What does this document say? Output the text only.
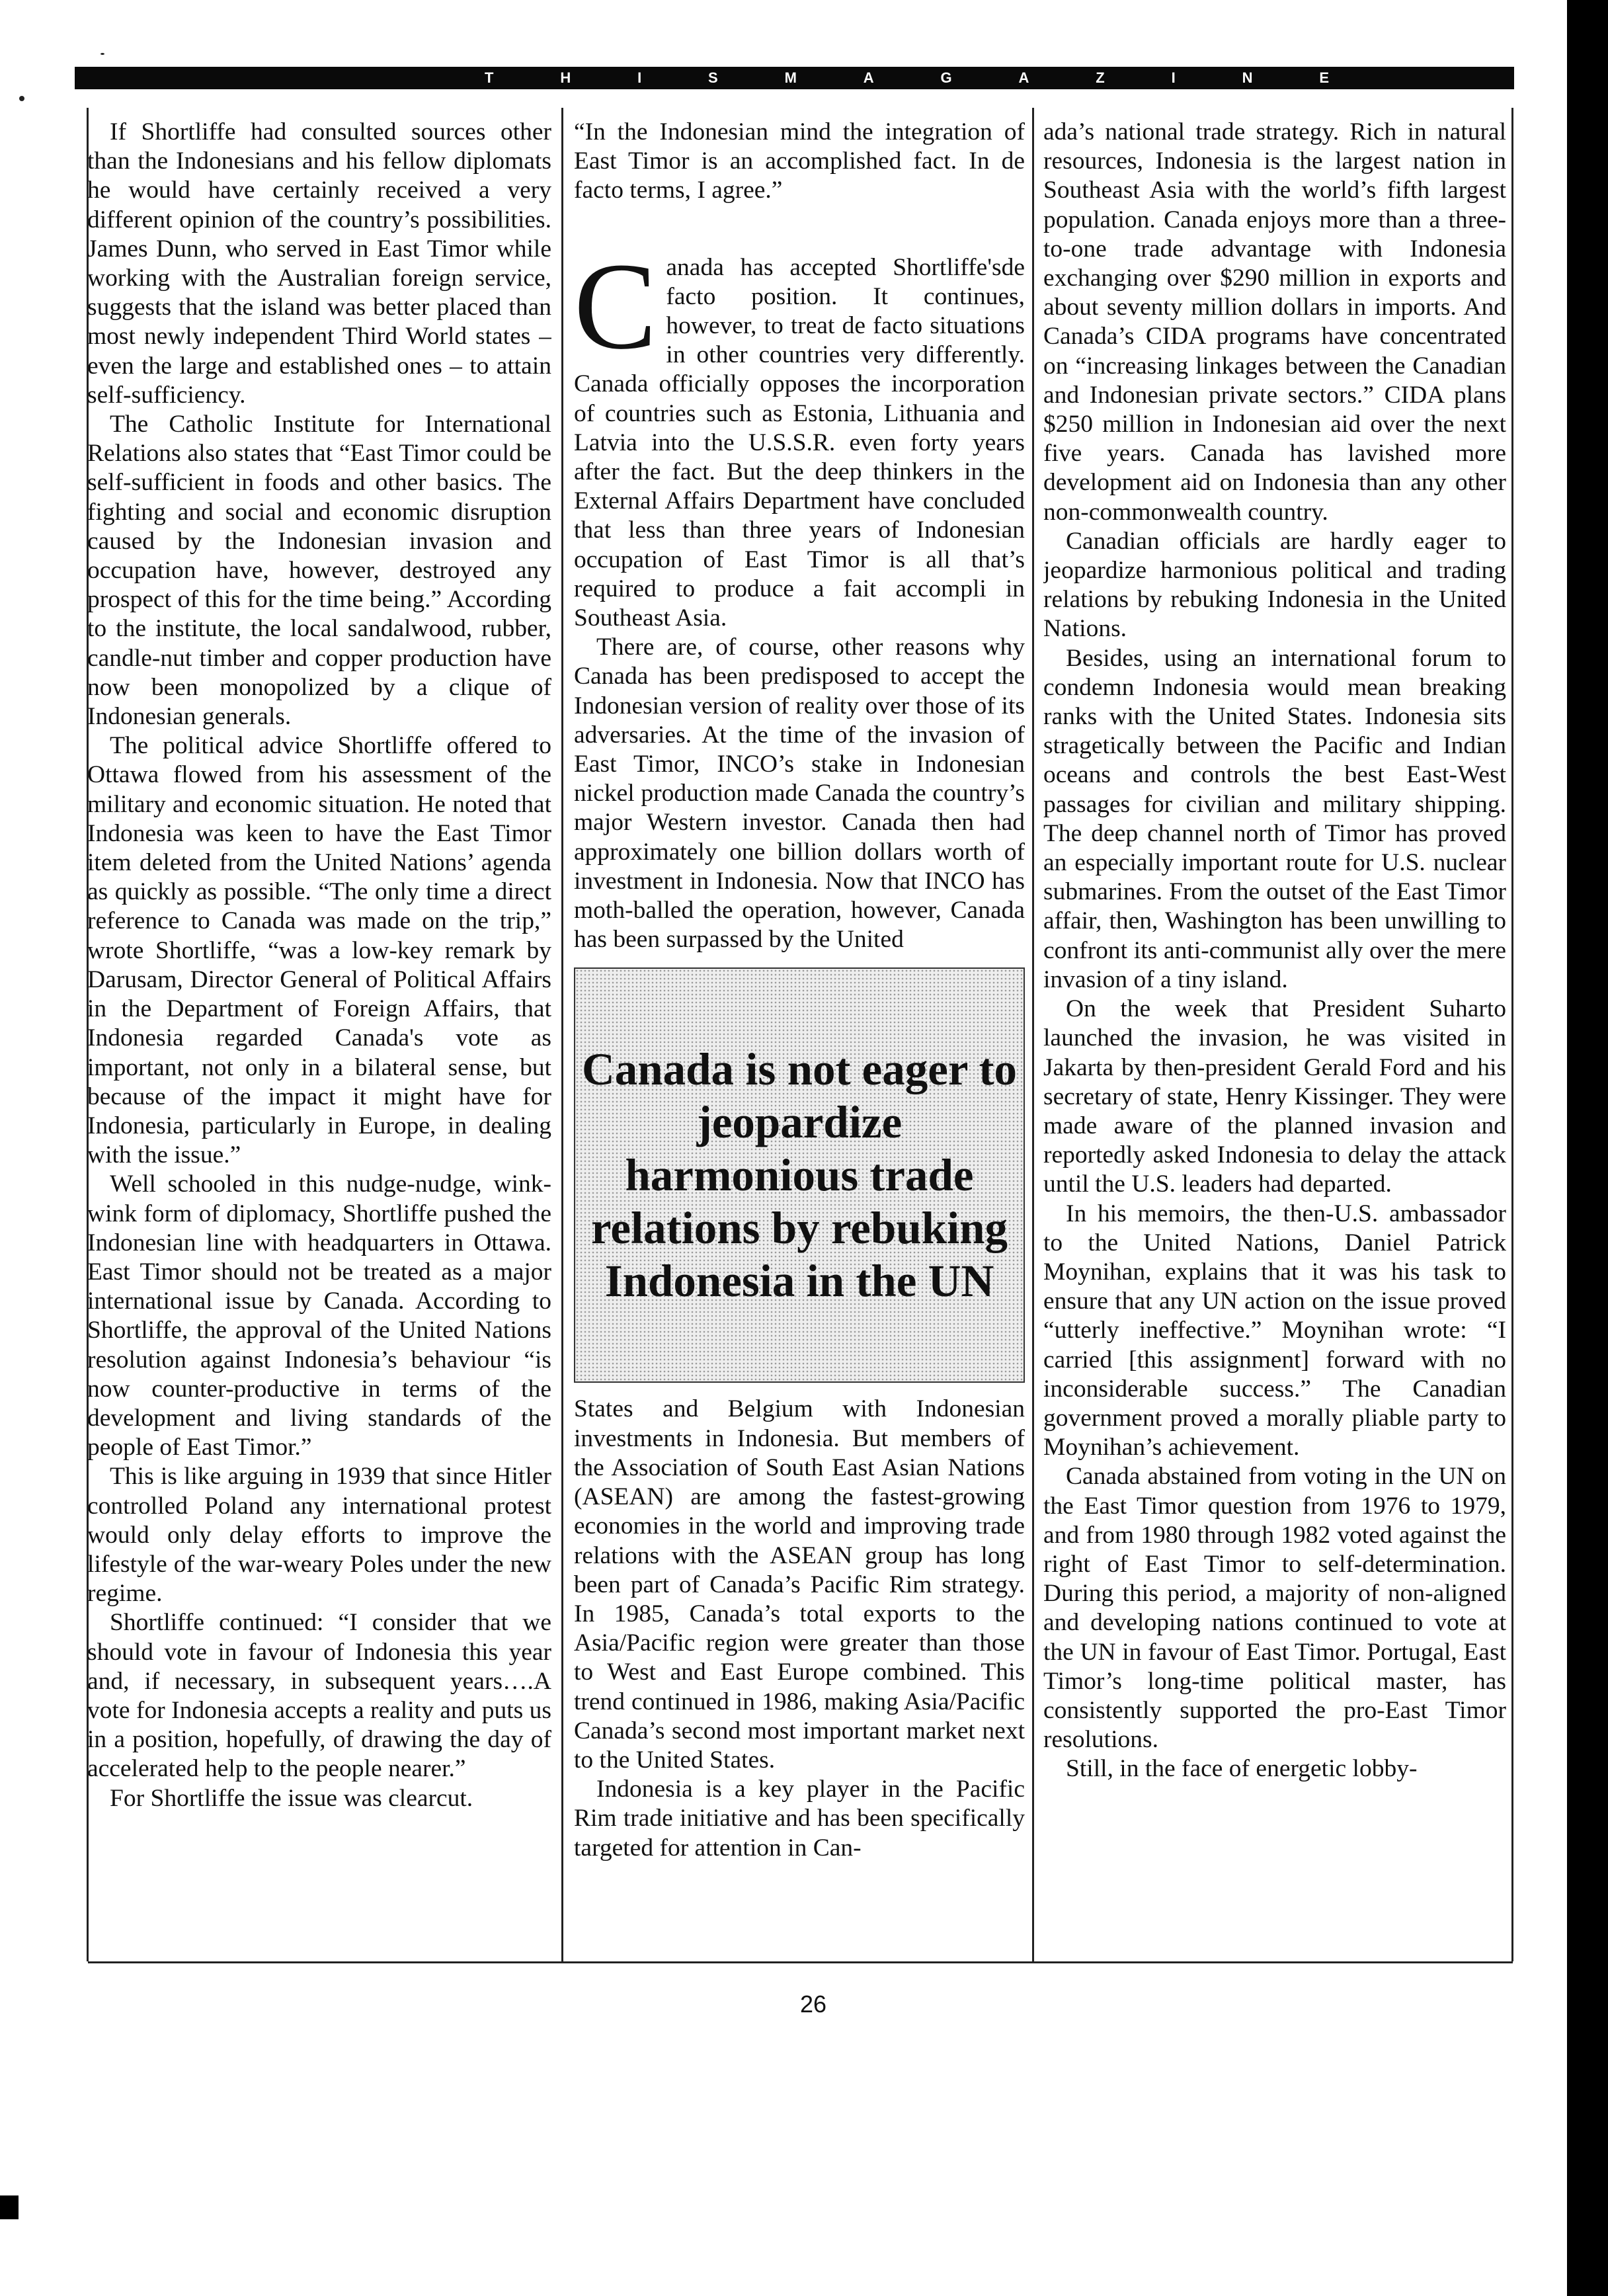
T	H	I	S	M	A	G	A	Z	I	N	E

If Shortliffe had consulted sources other than the Indonesians and his fellow diplomats he would have certainly received a very different opinion of the country’s possibilities. James Dunn, who served in East Timor while working with the Australian foreign service, suggests that the island was better placed than most newly independent Third World states – even the large and established ones – to attain self-sufficiency.

The Catholic Institute for International Relations also states that “East Timor could be self-sufficient in foods and other basics. The fighting and social and economic disruption caused by the Indonesian invasion and occupation have, however, destroyed any prospect of this for the time being.” According to the institute, the local sandalwood, rubber, candle-nut timber and copper production have now been monopolized by a clique of Indonesian generals.

The political advice Shortliffe offered to Ottawa flowed from his assessment of the military and economic situation. He noted that Indonesia was keen to have the East Timor item deleted from the United Nations’ agenda as quickly as possible. “The only time a direct reference to Canada was made on the trip,” wrote Shortliffe, “was a low-key remark by Darusam, Director General of Political Affairs in the Department of Foreign Affairs, that Indonesia regarded Canada's vote as important, not only in a bilateral sense, but because of the impact it might have for Indonesia, particularly in Europe, in dealing with the issue.”

Well schooled in this nudge-nudge, wink-wink form of diplomacy, Shortliffe pushed the Indonesian line with headquarters in Ottawa. East Timor should not be treated as a major international issue by Canada. According to Shortliffe, the approval of the United Nations resolution against Indonesia’s behaviour “is now counter-productive in terms of the development and living standards of the people of East Timor.”

This is like arguing in 1939 that since Hitler controlled Poland any international protest would only delay efforts to improve the lifestyle of the war-weary Poles under the new regime.

Shortliffe continued: “I consider that we should vote in favour of Indonesia this year and, if necessary, in subsequent years….A vote for Indonesia accepts a reality and puts us in a position, hopefully, of drawing the day of accelerated help to the people nearer.”

For Shortliffe the issue was clearcut.

“In the Indonesian mind the integration of East Timor is an accomplished fact. In de facto terms, I agree.”

Canada has accepted Shortliffe'sde facto position. It continues, however, to treat de facto situations in other countries very differently. Canada officially opposes the incorporation of countries such as Estonia, Lithuania and Latvia into the U.S.S.R. even forty years after the fact. But the deep thinkers in the External Affairs Department have concluded that less than three years of Indonesian occupation of East Timor is all that’s required to produce a fait accompli in Southeast Asia.

There are, of course, other reasons why Canada has been predisposed to accept the Indonesian version of reality over those of its adversaries. At the time of the invasion of East Timor, INCO’s stake in Indonesian nickel production made Canada the country’s major Western investor. Canada then had approximately one billion dollars worth of investment in Indonesia. Now that INCO has moth-balled the operation, however, Canada has been surpassed by the United

Canada is not eager to jeopardize harmonious trade relations by rebuking Indonesia in the UN

States and Belgium with Indonesian investments in Indonesia. But members of the Association of South East Asian Nations (ASEAN) are among the fastest-growing economies in the world and improving trade relations with the ASEAN group has long been part of Canada’s Pacific Rim strategy. In 1985, Canada’s total exports to the Asia/Pacific region were greater than those to West and East Europe combined. This trend continued in 1986, making Asia/Pacific Canada’s second most important market next to the United States.

Indonesia is a key player in the Pacific Rim trade initiative and has been specifically targeted for attention in Can-

ada’s national trade strategy. Rich in natural resources, Indonesia is the largest nation in Southeast Asia with the world’s fifth largest population. Canada enjoys more than a three-to-one trade advantage with Indonesia exchanging over $290 million in exports and about seventy million dollars in imports. And Canada’s CIDA programs have concentrated on “increasing linkages between the Canadian and Indonesian private sectors.” CIDA plans $250 million in Indonesian aid over the next five years. Canada has lavished more development aid on Indonesia than any other non-commonwealth country.

Canadian officials are hardly eager to jeopardize harmonious political and trading relations by rebuking Indonesia in the United Nations.

Besides, using an international forum to condemn Indonesia would mean breaking ranks with the United States. Indonesia sits stragetically between the Pacific and Indian oceans and controls the best East-West passages for civilian and military shipping. The deep channel north of Timor has proved an especially important route for U.S. nuclear submarines. From the outset of the East Timor affair, then, Washington has been unwilling to confront its anti-communist ally over the mere invasion of a tiny island.

On the week that President Suharto launched the invasion, he was visited in Jakarta by then-president Gerald Ford and his secretary of state, Henry Kissinger. They were made aware of the planned invasion and reportedly asked Indonesia to delay the attack until the U.S. leaders had departed.

In his memoirs, the then-U.S. ambassador to the United Nations, Daniel Patrick Moynihan, explains that it was his task to ensure that any UN action on the issue proved “utterly ineffective.” Moynihan wrote: “I carried [this assignment] forward with no inconsiderable success.” The Canadian government proved a morally pliable party to Moynihan’s achievement.

Canada abstained from voting in the UN on the East Timor question from 1976 to 1979, and from 1980 through 1982 voted against the right of East Timor to self-determination. During this period, a majority of non-aligned and developing nations continued to vote at the UN in favour of East Timor. Portugal, East Timor’s long-time political master, has consistently supported the pro-East Timor resolutions.

Still, in the face of energetic lobby-

26
